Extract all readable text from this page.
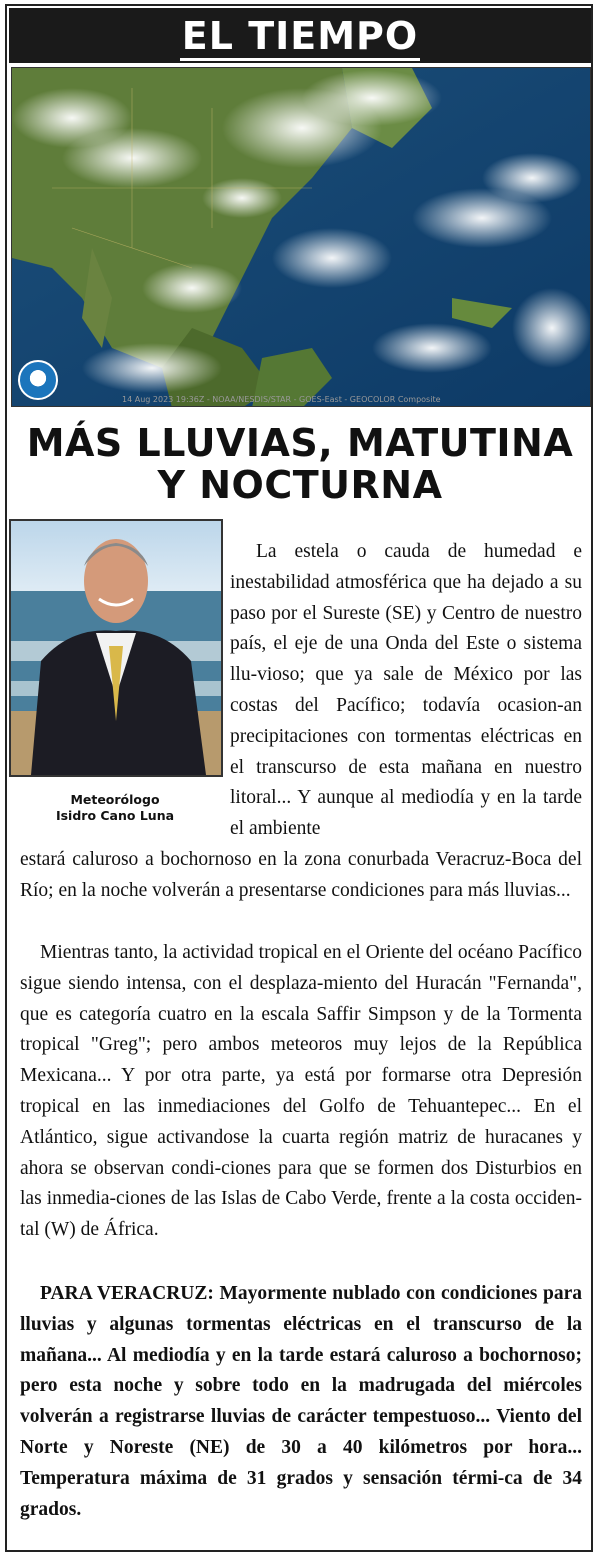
EL TIEMPO
14 Aug 2023 19:36Z - NOAA/NESDIS/STAR - GOES-East - GEOCOLOR Composite
MÁS LLUVIAS, MATUTINA
Y NOCTURNA
Meteorólogo
Isidro Cano Luna

La estela o cauda de humedad e inestabilidad atmosférica que ha dejado a su paso por el Sureste (SE) y Centro de nuestro país, el eje de una Onda del Este o sistema llu-vioso; que ya sale de México por las costas del Pacífico; todavía ocasion-an precipitaciones con tormentas eléctricas en el transcurso de esta mañana en nuestro litoral... Y aunque al mediodía y en la tarde el ambiente

estará caluroso a bochornoso en la zona conurbada Veracruz-Boca del Río; en la noche volverán a presentarse condiciones para más lluvias...

Mientras tanto, la actividad tropical en el Oriente del océano Pacífico sigue siendo intensa, con el desplaza-miento del Huracán "Fernanda", que es categoría cuatro en la escala Saffir Simpson y de la Tormenta tropical "Greg"; pero ambos meteoros muy lejos de la República Mexicana... Y por otra parte, ya está por formarse otra Depresión tropical en las inmediaciones del Golfo de Tehuantepec... En el Atlántico, sigue activandose la cuarta región matriz de huracanes y ahora se observan condi-ciones para que se formen dos Disturbios en las inmedia-ciones de las Islas de Cabo Verde, frente a la costa occiden-tal (W) de África.

PARA VERACRUZ: Mayormente nublado con condiciones para lluvias y algunas tormentas eléctricas en el transcurso de la mañana... Al mediodía y en la tarde estará caluroso a bochornoso; pero esta noche y sobre todo en la madrugada del miércoles volverán a registrarse lluvias de carácter tempestuoso... Viento del Norte y Noreste (NE) de 30 a 40 kilómetros por hora... Temperatura máxima de 31 grados y sensación térmi-ca de 34 grados.
